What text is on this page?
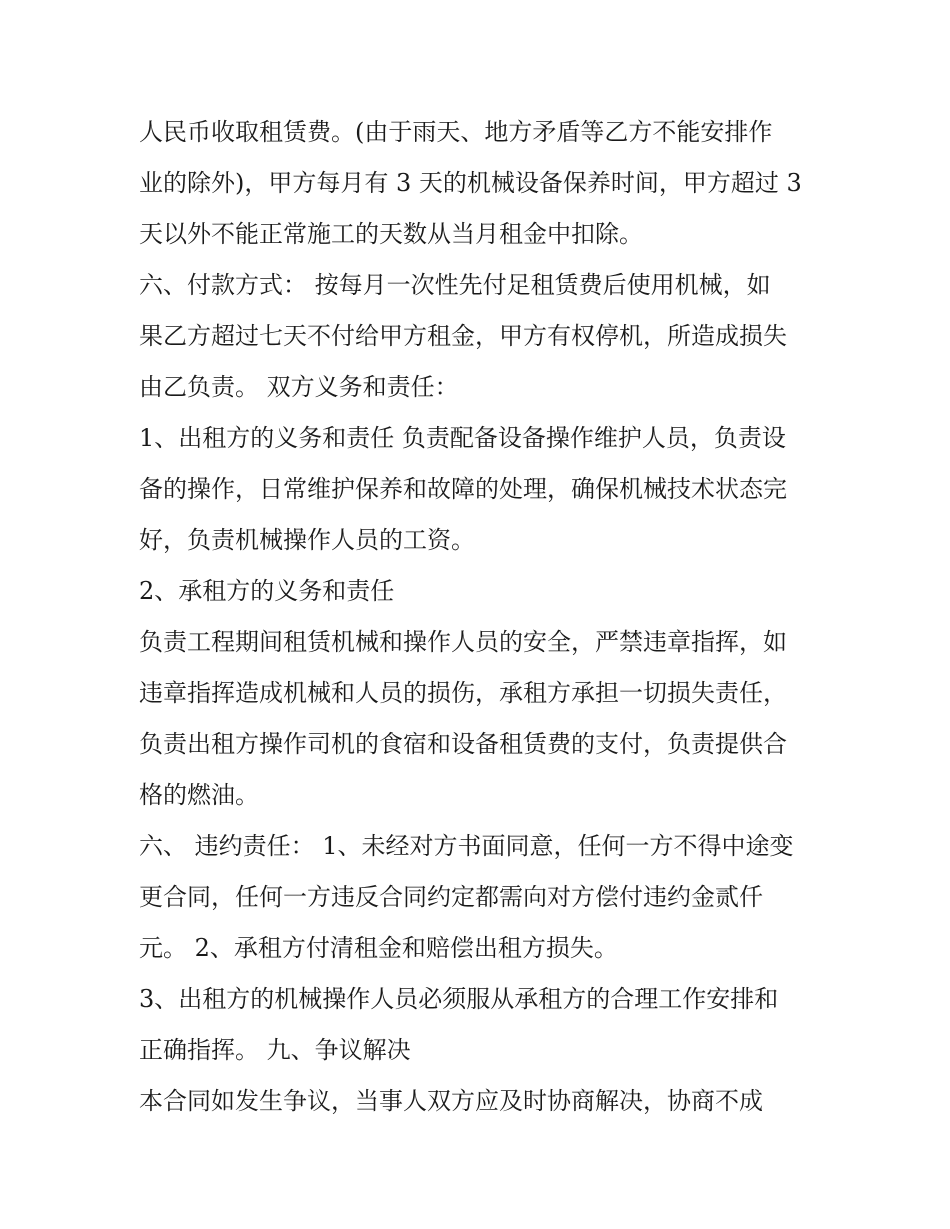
人民币收取租赁费。(由于雨天、地方矛盾等乙方不能安排作
业的除外)，甲方每月有 3 天的机械设备保养时间，甲方超过 3
天以外不能正常施工的天数从当月租金中扣除。
六、付款方式： 按每月一次性先付足租赁费后使用机械，如
果乙方超过七天不付给甲方租金，甲方有权停机，所造成损失
由乙负责。 双方义务和责任：
1、出租方的义务和责任 负责配备设备操作维护人员，负责设
备的操作，日常维护保养和故障的处理，确保机械技术状态完
好，负责机械操作人员的工资。
2、承租方的义务和责任
负责工程期间租赁机械和操作人员的安全，严禁违章指挥，如
违章指挥造成机械和人员的损伤，承租方承担一切损失责任，
负责出租方操作司机的食宿和设备租赁费的支付，负责提供合
格的燃油。
六、 违约责任： 1、未经对方书面同意，任何一方不得中途变
更合同，任何一方违反合同约定都需向对方偿付违约金贰仟
元。 2、承租方付清租金和赔偿出租方损失。
3、出租方的机械操作人员必须服从承租方的合理工作安排和
正确指挥。 九、争议解决
本合同如发生争议，当事人双方应及时协商解决，协商不成
